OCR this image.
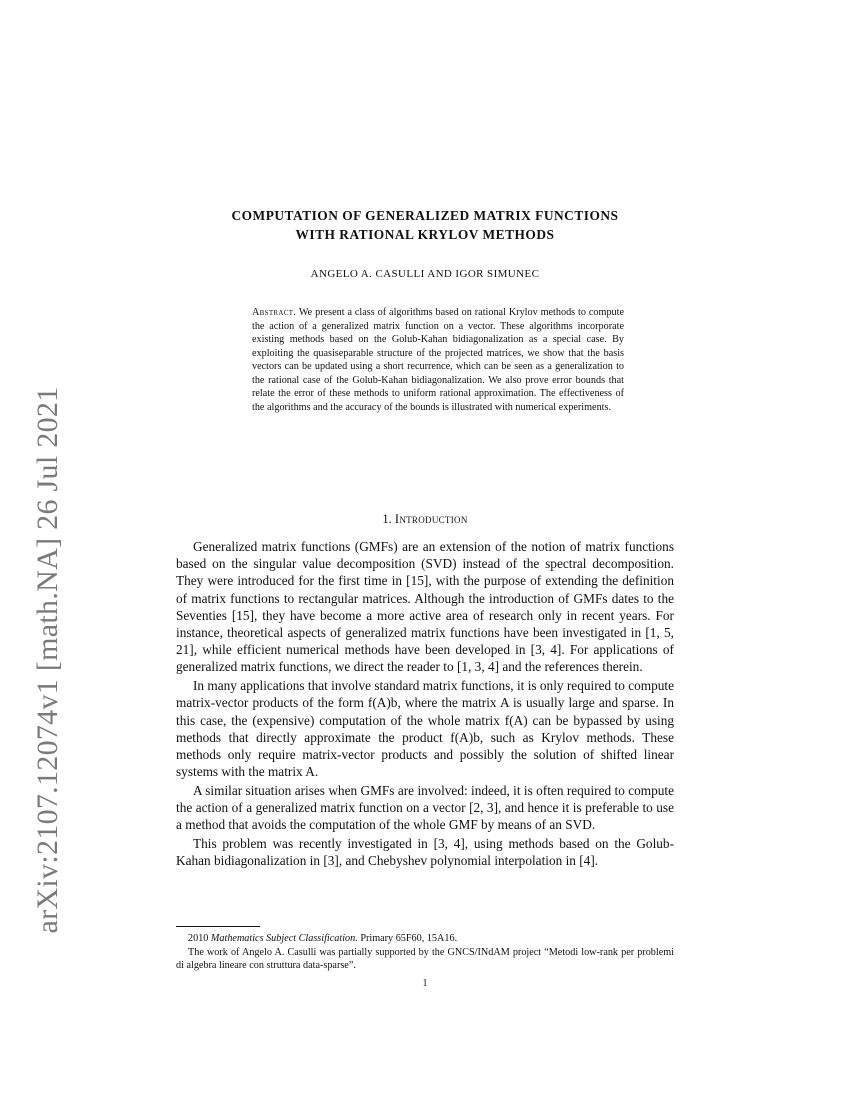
arXiv:2107.12074v1 [math.NA] 26 Jul 2021
COMPUTATION OF GENERALIZED MATRIX FUNCTIONS
WITH RATIONAL KRYLOV METHODS
ANGELO A. CASULLI AND IGOR SIMUNEC
Abstract. We present a class of algorithms based on rational Krylov methods to compute the action of a generalized matrix function on a vector. These algorithms incorporate existing methods based on the Golub-Kahan bidiagonalization as a special case. By exploiting the quasiseparable structure of the projected matrices, we show that the basis vectors can be updated using a short recurrence, which can be seen as a generalization to the rational case of the Golub-Kahan bidiagonalization. We also prove error bounds that relate the error of these methods to uniform rational approximation. The effectiveness of the algorithms and the accuracy of the bounds is illustrated with numerical experiments.
1. Introduction

Generalized matrix functions (GMFs) are an extension of the notion of matrix functions based on the singular value decomposition (SVD) instead of the spectral decomposition. They were introduced for the first time in [15], with the purpose of extending the definition of matrix functions to rectangular matrices. Although the introduction of GMFs dates to the Seventies [15], they have become a more active area of research only in recent years. For instance, theoretical aspects of generalized matrix functions have been investigated in [1, 5, 21], while efficient numerical methods have been developed in [3, 4]. For applications of generalized matrix functions, we direct the reader to [1, 3, 4] and the references therein.

In many applications that involve standard matrix functions, it is only required to compute matrix-vector products of the form f(A)b, where the matrix A is usually large and sparse. In this case, the (expensive) computation of the whole matrix f(A) can be bypassed by using methods that directly approximate the product f(A)b, such as Krylov methods. These methods only require matrix-vector products and possibly the solution of shifted linear systems with the matrix A.

A similar situation arises when GMFs are involved: indeed, it is often required to compute the action of a generalized matrix function on a vector [2, 3], and hence it is preferable to use a method that avoids the computation of the whole GMF by means of an SVD.

This problem was recently investigated in [3, 4], using methods based on the Golub-Kahan bidiagonalization in [3], and Chebyshev polynomial interpolation in [4].

2010 Mathematics Subject Classification. Primary 65F60, 15A16.

The work of Angelo A. Casulli was partially supported by the GNCS/INdAM project “Metodi low-rank per problemi di algebra lineare con struttura data-sparse”.

1
